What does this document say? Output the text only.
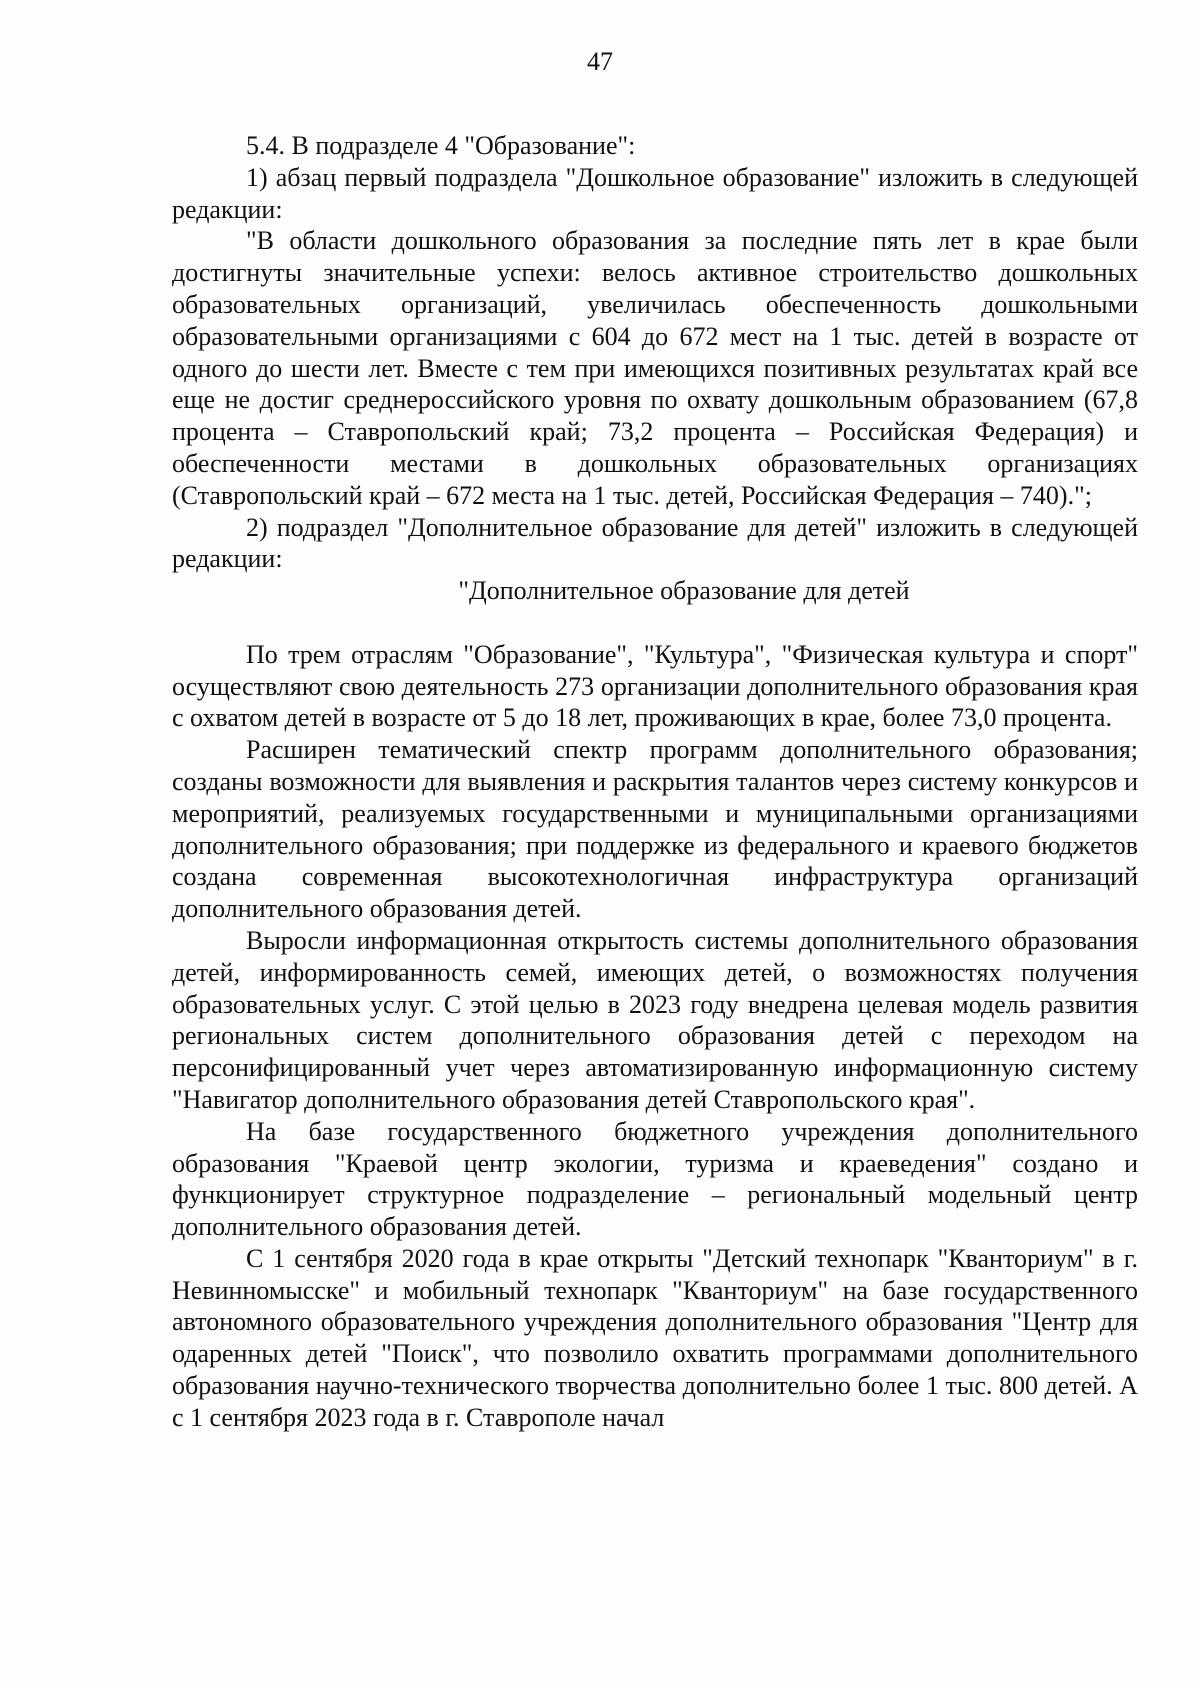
47

5.4. В подразделе 4 "Образование":

1) абзац первый подраздела "Дошкольное образование" изложить в следующей редакции:

"В области дошкольного образования за последние пять лет в крае были достигнуты значительные успехи: велось активное строительство дошкольных образовательных организаций, увеличилась обеспеченность дошкольными образовательными организациями с 604 до 672 мест на 1 тыс. детей в возрасте от одного до шести лет. Вместе с тем при имеющихся позитивных результатах край все еще не достиг среднероссийского уровня по охвату дошкольным образованием (67,8 процента – Ставропольский край; 73,2 процента – Российская Федерация) и обеспеченности местами в дошкольных образовательных организациях (Ставропольский край – 672 места на 1 тыс. детей, Российская Федерация – 740).";

2) подраздел "Дополнительное образование для детей" изложить в следующей редакции:

"Дополнительное образование для детей

По трем отраслям "Образование", "Культура", "Физическая культура и спорт" осуществляют свою деятельность 273 организации дополнительного образования края с охватом детей в возрасте от 5 до 18 лет, проживающих в крае, более 73,0 процента.

Расширен тематический спектр программ дополнительного образования; созданы возможности для выявления и раскрытия талантов через систему конкурсов и мероприятий, реализуемых государственными и муниципальными организациями дополнительного образования; при поддержке из федерального и краевого бюджетов создана современная высокотехнологичная инфраструктура организаций дополнительного образования детей.

Выросли информационная открытость системы дополнительного образования детей, информированность семей, имеющих детей, о возможностях получения образовательных услуг. С этой целью в 2023 году внедрена целевая модель развития региональных систем дополнительного образования детей с переходом на персонифицированный учет через автоматизированную информационную систему "Навигатор дополнительного образования детей Ставропольского края".

На базе государственного бюджетного учреждения дополнительного образования "Краевой центр экологии, туризма и краеведения" создано и функционирует структурное подразделение – региональный модельный центр дополнительного образования детей.

С 1 сентября 2020 года в крае открыты "Детский технопарк "Кванториум" в г. Невинномысске" и мобильный технопарк "Кванториум" на базе государственного автономного образовательного учреждения дополнительного образования "Центр для одаренных детей "Поиск", что позволило охватить программами дополнительного образования научно-технического творчества дополнительно более 1 тыс. 800 детей. А с 1 сентября 2023 года в г. Ставрополе начал
